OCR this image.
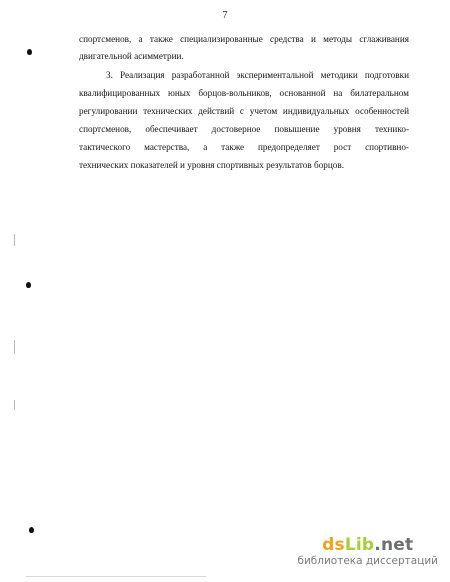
7
спортсменов, а также специализированные средства и методы сглаживания
двигательной асимметрии.
3. Реализация разработанной экспериментальной методики подготовки
квалифицированных юных борцов-вольников, основанной на билатеральном
регулировании технических действий с учетом индивидуальных особенностей
спортсменов, обеспечивает достоверное повышение уровня технико-
тактического мастерства, а также предопределяет рост спортивно-
технических показателей и уровня спортивных результатов борцов.
dsLib.net
библиотека диссертаций
